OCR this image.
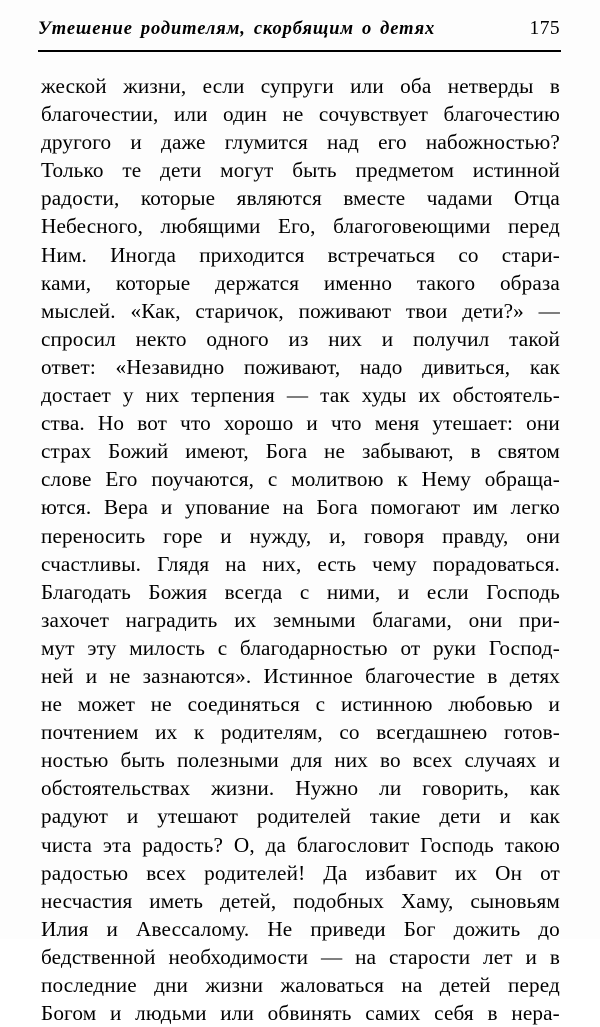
Утешение родителям, скорбящим о детях	175
жеской жизни, если супруги или оба нетверды в
благочестии, или один не сочувствует благочестию
другого и даже глумится над его набожностью?
Только те дети могут быть предметом истинной
радости, которые являются вместе чадами Отца
Небесного, любящими Его, благоговеющими перед
Ним. Иногда приходится встречаться со стари-
ками, которые держатся именно такого образа
мыслей. «Как, старичок, поживают твои дети?» —
спросил некто одного из них и получил такой
ответ: «Незавидно поживают, надо дивиться, как
достает у них терпения — так худы их обстоятель-
ства. Но вот что хорошо и что меня утешает: они
страх Божий имеют, Бога не забывают, в святом
слове Его поучаются, с молитвою к Нему обраща-
ются. Вера и упование на Бога помогают им легко
переносить горе и нужду, и, говоря правду, они
счастливы. Глядя на них, есть чему порадоваться.
Благодать Божия всегда с ними, и если Господь
захочет наградить их земными благами, они при-
мут эту милость с благодарностью от руки Господ-
ней и не зазнаются». Истинное благочестие в детях
не может не соединяться с истинною любовью и
почтением их к родителям, со всегдашнею готов-
ностью быть полезными для них во всех случаях и
обстоятельствах жизни. Нужно ли говорить, как
радуют и утешают родителей такие дети и как
чиста эта радость? О, да благословит Господь такою
радостью всех родителей! Да избавит их Он от
несчастия иметь детей, подобных Хаму, сыновьям
Илия и Авессалому. Не приведи Бог дожить до
бедственной необходимости — на старости лет и в
последние дни жизни жаловаться на детей перед
Богом и людьми или обвинять самих себя в нера-
